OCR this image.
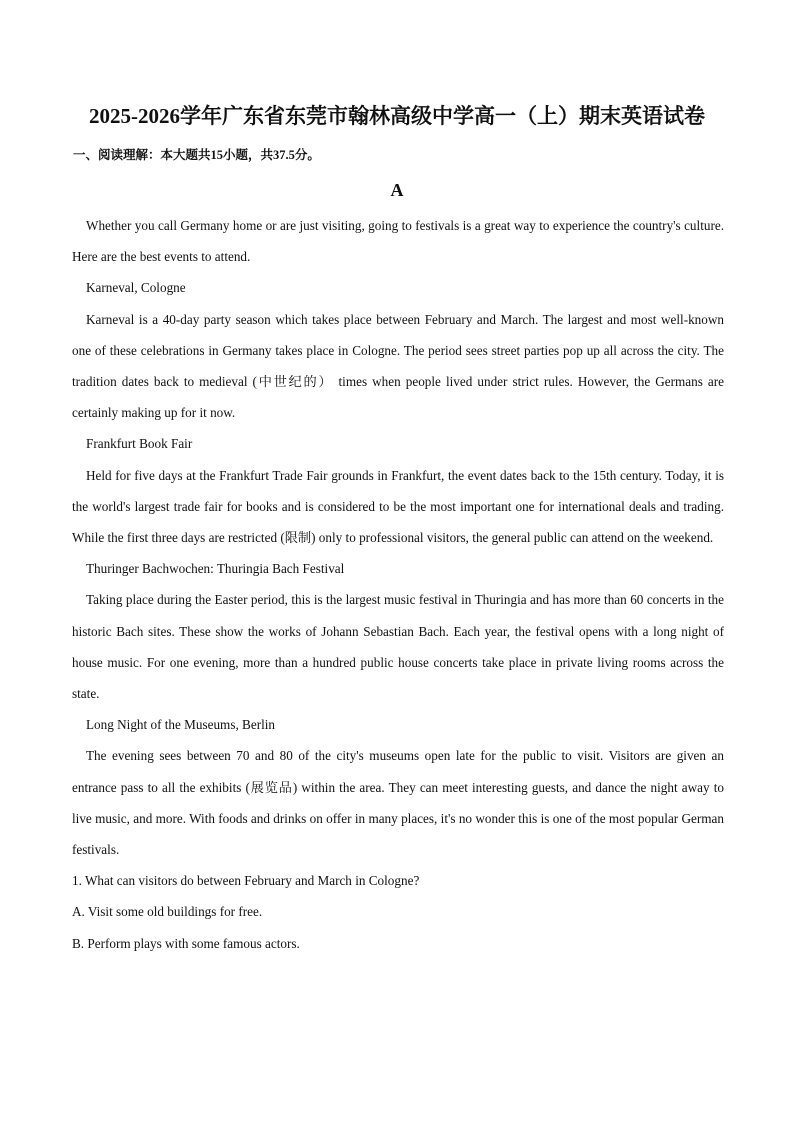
2025-2026学年广东省东莞市翰林高级中学高一（上）期末英语试卷
一、阅读理解：本大题共15小题，共37.5分。
A

Whether you call Germany home or are just visiting, going to festivals is a great way to experience the country's culture. Here are the best events to attend.

Karneval, Cologne

Karneval is a 40-day party season which takes place between February and March. The largest and most well-known one of these celebrations in Germany takes place in Cologne. The period sees street parties pop up all across the city. The tradition dates back to medieval (中世纪的） times when people lived under strict rules. However, the Germans are certainly making up for it now.

Frankfurt Book Fair

Held for five days at the Frankfurt Trade Fair grounds in Frankfurt, the event dates back to the 15th century. Today, it is the world's largest trade fair for books and is considered to be the most important one for international deals and trading. While the first three days are restricted (限制) only to professional visitors, the general public can attend on the weekend.

Thuringer Bachwochen: Thuringia Bach Festival

Taking place during the Easter period, this is the largest music festival in Thuringia and has more than 60 concerts in the historic Bach sites. These show the works of Johann Sebastian Bach. Each year, the festival opens with a long night of house music. For one evening, more than a hundred public house concerts take place in private living rooms across the state.

Long Night of the Museums, Berlin

The evening sees between 70 and 80 of the city's museums open late for the public to visit. Visitors are given an entrance pass to all the exhibits (展览品) within the area. They can meet interesting guests, and dance the night away to live music, and more. With foods and drinks on offer in many places, it's no wonder this is one of the most popular German festivals.

1. What can visitors do between February and March in Cologne?

A. Visit some old buildings for free.

B. Perform plays with some famous actors.
